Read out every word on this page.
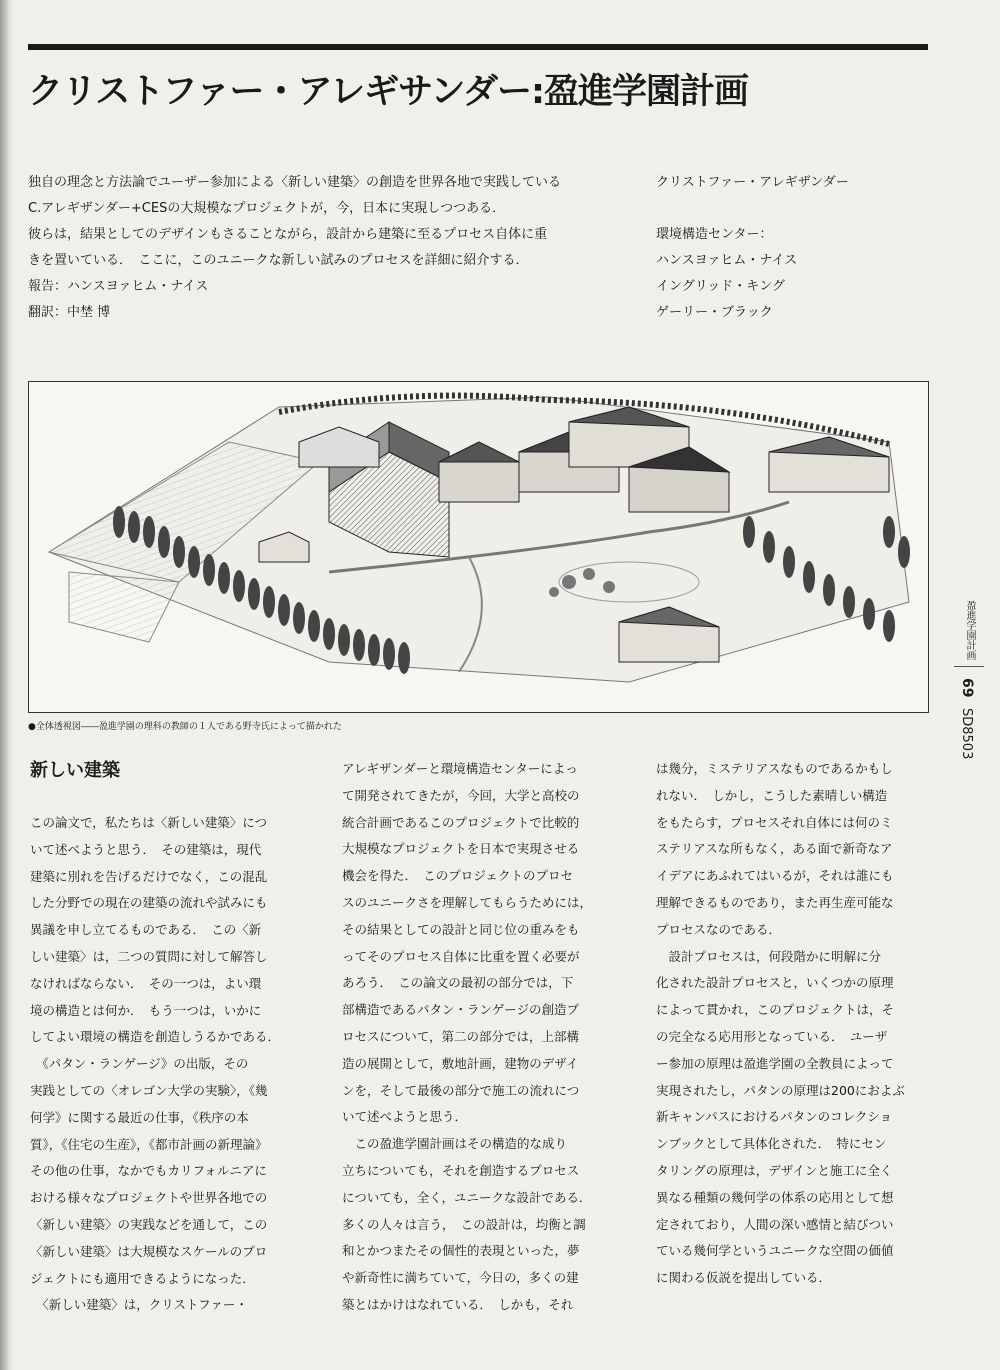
クリストファー・アレギサンダー:盈進学園計画

独自の理念と方法論でユーザー参加による〈新しい建築〉の創造を世界各地で実践している

C.アレギザンダー+CESの大規模なプロジェクトが，今，日本に実現しつつある．

彼らは，結果としてのデザインもさることながら，設計から建築に至るプロセス自体に重

きを置いている．　ここに，このユニークな新しい試みのプロセスを詳細に紹介する．

報告：ハンスヨァヒム・ナイス

翻訳：中埜 博

クリストファー・アレギザンダー

環境構造センター：

ハンスヨァヒム・ナイス

イングリッド・キング

ゲーリー・ブラック

●全体透視図――盈進学園の理科の教師の１人である野寺氏によって描かれた
盈進学園計画
69
SD8503

新しい建築

この論文で，私たちは〈新しい建築〉につ

いて述べようと思う．　その建築は，現代

建築に別れを告げるだけでなく，この混乱

した分野での現在の建築の流れや試みにも

異議を申し立てるものである．　この〈新

しい建築〉は，二つの質問に対して解答し

なければならない．　その一つは，よい環

境の構造とは何か．　もう一つは，いかに

してよい環境の構造を創造しうるかである．

　《パタン・ランゲージ》の出版，その

実践としての〈オレゴン大学の実験〉，《幾

何学》に関する最近の仕事，《秩序の本

質》，《住宅の生産》，《都市計画の新理論》

その他の仕事，なかでもカリフォルニアに

おける様々なプロジェクトや世界各地での

〈新しい建築〉の実践などを通して，この

〈新しい建築〉は大規模なスケールのプロ

ジェクトにも適用できるようになった．

　〈新しい建築〉は，クリストファー・

アレギザンダーと環境構造センターによっ

て開発されてきたが，今回，大学と高校の

統合計画であるこのプロジェクトで比較的

大規模なプロジェクトを日本で実現させる

機会を得た．　このプロジェクトのプロセ

スのユニークさを理解してもらうためには，

その結果としての設計と同じ位の重みをも

ってそのプロセス自体に比重を置く必要が

あろう．　この論文の最初の部分では，下

部構造であるパタン・ランゲージの創造プ

ロセスについて，第二の部分では，上部構

造の展開として，敷地計画，建物のデザイ

ンを，そして最後の部分で施工の流れにつ

いて述べようと思う．

　この盈進学園計画はその構造的な成り

立ちについても，それを創造するプロセス

についても，全く，ユニークな設計である．

多くの人々は言う，　この設計は，均衡と調

和とかつまたその個性的表現といった，夢

や新奇性に満ちていて，今日の，多くの建

築とはかけはなれている．　しかも，それ

は幾分，ミステリアスなものであるかもし

れない．　しかし，こうした素晴しい構造

をもたらす，プロセスそれ自体には何のミ

ステリアスな所もなく，ある面で新奇なア

イデアにあふれてはいるが，それは誰にも

理解できるものであり，また再生産可能な

プロセスなのである．

　設計プロセスは，何段階かに明解に分

化された設計プロセスと，いくつかの原理

によって貫かれ，このプロジェクトは，そ

の完全なる応用形となっている．　ユーザ

ー参加の原理は盈進学園の全教員によって

実現されたし，パタンの原理は200におよぶ

新キャンパスにおけるパタンのコレクショ

ンブックとして具体化された．　特にセン

タリングの原理は，デザインと施工に全く

異なる種類の幾何学の体系の応用として想

定されており，人間の深い感情と結びつい

ている幾何学というユニークな空間の価値

に関わる仮説を提出している．
